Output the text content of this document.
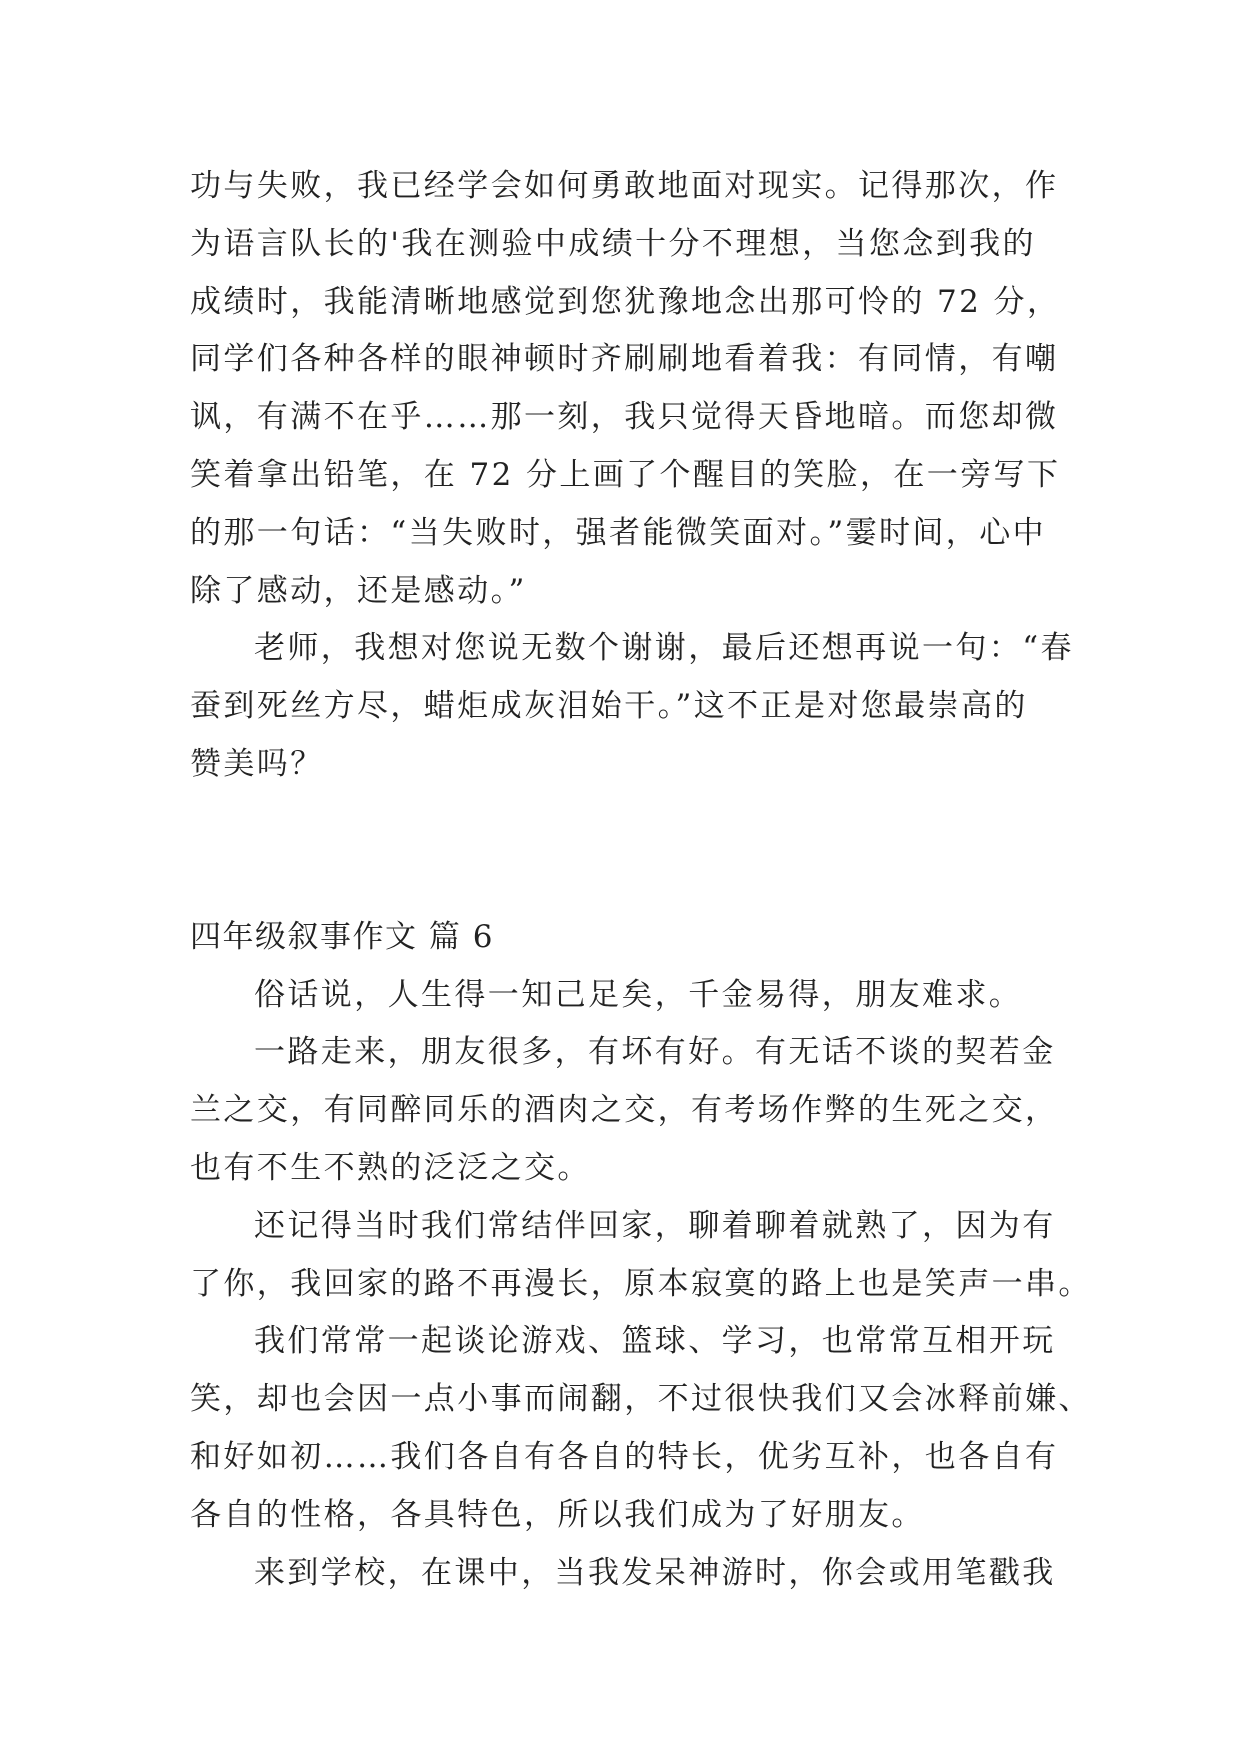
功与失败，我已经学会如何勇敢地面对现实。记得那次，作
为语言队长的'我在测验中成绩十分不理想，当您念到我的
成绩时，我能清晰地感觉到您犹豫地念出那可怜的 72 分，
同学们各种各样的眼神顿时齐刷刷地看着我：有同情，有嘲
讽，有满不在乎……那一刻，我只觉得天昏地暗。而您却微
笑着拿出铅笔，在 72 分上画了个醒目的笑脸，在一旁写下
的那一句话：“当失败时，强者能微笑面对。”霎时间，心中
除了感动，还是感动。”
老师，我想对您说无数个谢谢，最后还想再说一句：“春
蚕到死丝方尽，蜡炬成灰泪始干。”这不正是对您最崇高的
赞美吗？
四年级叙事作文 篇 6
俗话说，人生得一知己足矣，千金易得，朋友难求。
一路走来，朋友很多，有坏有好。有无话不谈的契若金
兰之交，有同醉同乐的酒肉之交，有考场作弊的生死之交，
也有不生不熟的泛泛之交。
还记得当时我们常结伴回家，聊着聊着就熟了，因为有
了你，我回家的路不再漫长，原本寂寞的路上也是笑声一串。
我们常常一起谈论游戏、篮球、学习，也常常互相开玩
笑，却也会因一点小事而闹翻，不过很快我们又会冰释前嫌、
和好如初……我们各自有各自的特长，优劣互补，也各自有
各自的性格，各具特色，所以我们成为了好朋友。
来到学校，在课中，当我发呆神游时，你会或用笔戳我
